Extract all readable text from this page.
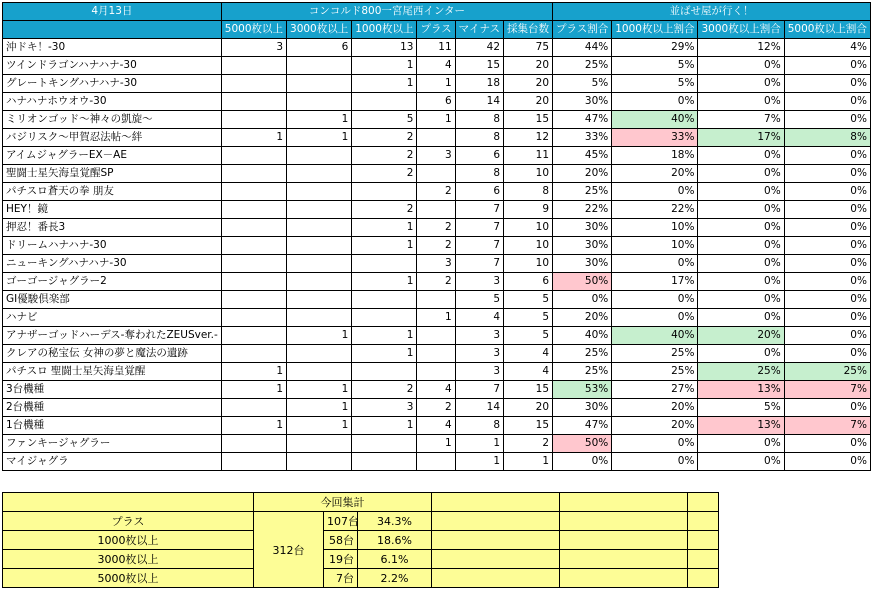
4月13日	コンコルド800一宮尾西インター						並ばせ屋が行く！			
	5000枚以上	3000枚以上	1000枚以上	プラス	マイナス	採集台数	プラス割合	1000枚以上割合	3000枚以上割合	5000枚以上割合
沖ドキ！-30	3	6	13	11	42	75	44%	29%	12%	4%
ツインドラゴンハナハナ-30			1	4	15	20	25%	5%	0%	0%
グレートキングハナハナ-30			1	1	18	20	5%	5%	0%	0%
ハナハナホウオウ-30				6	14	20	30%	0%	0%	0%
ミリオンゴッド～神々の凱旋～		1	5	1	8	15	47%	40%	7%	0%
バジリスク～甲賀忍法帖～絆	1	1	2		8	12	33%	33%	17%	8%
アイムジャグラーEX－AE			2	3	6	11	45%	18%	0%	0%
聖闘士星矢海皇覚醒SP			2		8	10	20%	20%	0%	0%
パチスロ蒼天の拳 朋友				2	6	8	25%	0%	0%	0%
HEY！鏡			2		7	9	22%	22%	0%	0%
押忍！番長3			1	2	7	10	30%	10%	0%	0%
ドリームハナハナ-30			1	2	7	10	30%	10%	0%	0%
ニューキングハナハナ-30				3	7	10	30%	0%	0%	0%
ゴーゴージャグラー2			1	2	3	6	50%	17%	0%	0%
GI優駿倶楽部					5	5	0%	0%	0%	0%
ハナビ				1	4	5	20%	0%	0%	0%
アナザーゴッドハーデス-奪われたZEUSver.-		1	1		3	5	40%	40%	20%	0%
クレアの秘宝伝 女神の夢と魔法の遺跡			1		3	4	25%	25%	0%	0%
パチスロ 聖闘士星矢海皇覚醒	1				3	4	25%	25%	25%	25%
3台機種	1	1	2	4	7	15	53%	27%	13%	7%
2台機種		1	3	2	14	20	30%	20%	5%	0%
1台機種	1	1	1	4	8	15	47%	20%	13%	7%
ファンキージャグラー				1	1	2	50%	0%	0%	0%
マイジャグラ					1	1	0%	0%	0%	0%
	今回集計					
プラス	312台	107台	34.3%			
1000枚以上		58台	18.6%			
3000枚以上		19台	6.1%			
5000枚以上		7台	2.2%			
